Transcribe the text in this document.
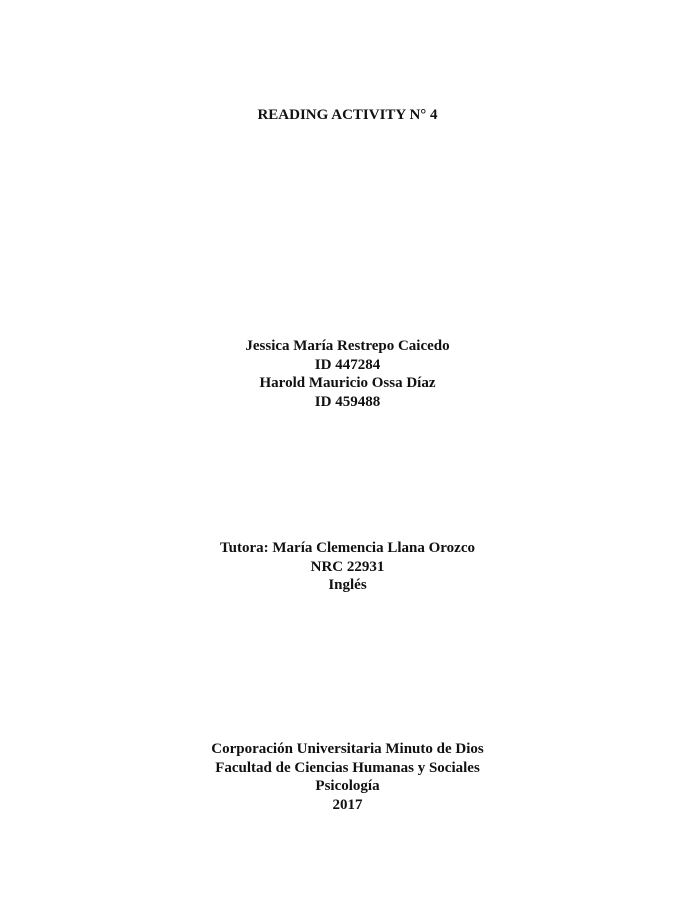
READING ACTIVITY N° 4
Jessica María Restrepo Caicedo
ID 447284
Harold Mauricio Ossa Díaz
ID 459488
Tutora: María Clemencia Llana Orozco
NRC 22931
Inglés
Corporación Universitaria Minuto de Dios
Facultad de Ciencias Humanas y Sociales
Psicología
2017
